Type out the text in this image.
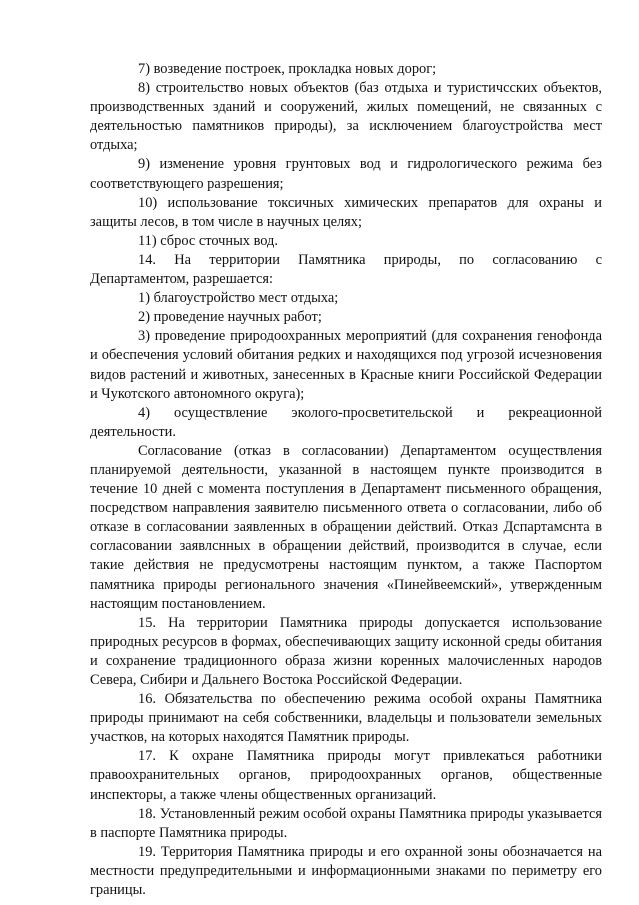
7) возведение построек, прокладка новых дорог;

8) строительство новых объектов (баз отдыха и туристичсских объектов, производственных зданий и сооружений, жилых помещений, не связанных с деятельностью памятников природы), за исключением благоустройства мест отдыха;

9) изменение уровня грунтовых вод и гидрологического режима без соответствующего разрешения;

10) использование токсичных химических препаратов для охраны и защиты лесов, в том числе в научных целях;

11) сброс сточных вод.

14. На территории Памятника природы, по согласованию с Департаментом, разрешается:

1) благоустройство мест отдыха;

2) проведение научных работ;

3) проведение природоохранных мероприятий (для сохранения генофонда и обеспечения условий обитания редких и находящихся под угрозой исчезновения видов растений и животных, занесенных в Красные книги Российской Федерации и Чукотского автономного округа);

4) осуществление эколого-просветительской и рекреационной деятельности.

Согласование (отказ в согласовании) Департаментом осуществления планируемой деятельности, указанной в настоящем пункте производится в течение 10 дней с момента поступления в Департамент письменного обращения, посредством направления заявителю письменного ответа о согласовании, либо об отказе в согласовании заявленных в обращении действий. Отказ Дспартамснта в согласовании заявлснных в обращении действий, производится в случае, если такие действия не предусмотрены настоящим пунктом, а также Паспортом памятника природы регионального значения «Пинейвеемский», утвержденным настоящим постановлением.

15. На территории Памятника природы допускается использование природных ресурсов в формах, обеспечивающих защиту исконной среды обитания и сохранение традиционного образа жизни коренных малочисленных народов Севера, Сибири и Дальнего Востока Российской Федерации.

16. Обязательства по обеспечению режима особой охраны Памятника природы принимают на себя собственники, владельцы и пользователи земельных участков, на которых находятся Памятник природы.

17. К охране Памятника природы могут привлекаться работники правоохранительных органов, природоохранных органов, общественные инспекторы, а также члены общественных организаций.

18. Установленный режим особой охраны Памятника природы указывается в паспорте Памятника природы.

19. Территория Памятника природы и его охранной зоны обозначается на местности предупредительными и информационными знаками по периметру его границы.
